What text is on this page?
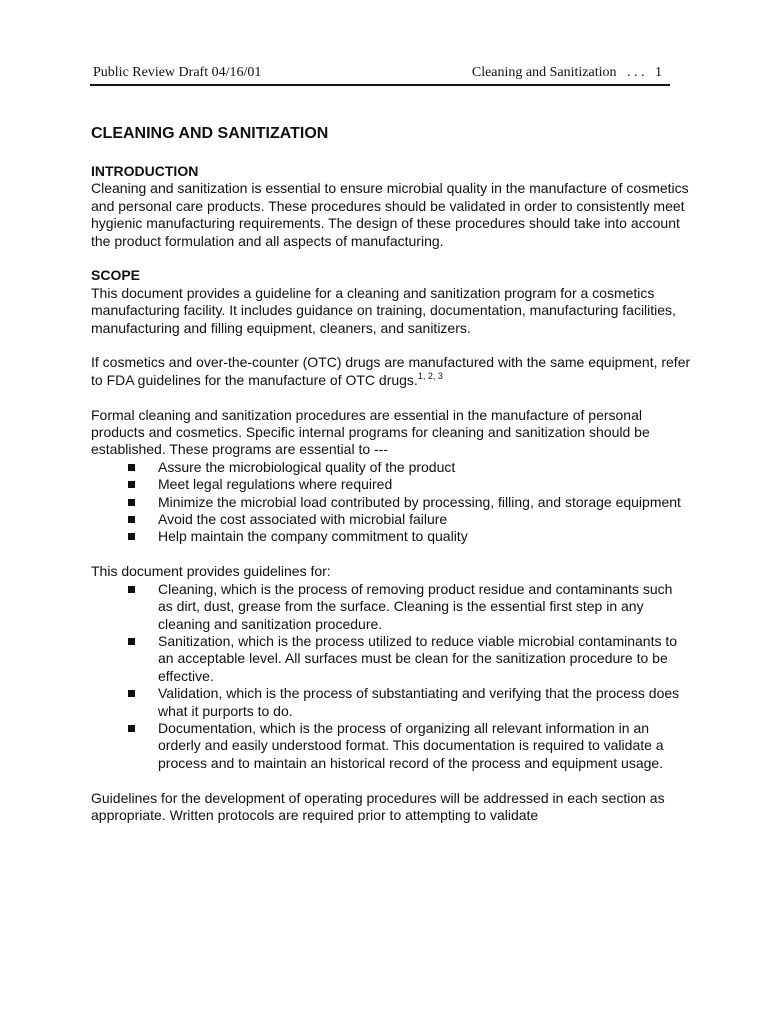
Public Review Draft 04/16/01	Cleaning and Sanitization   . . .   1
CLEANING AND SANITIZATION
INTRODUCTION

Cleaning and sanitization is essential to ensure microbial quality in the manufacture of cosmetics and personal care products. These procedures should be validated in order to consistently meet hygienic manufacturing requirements. The design of these procedures should take into account the product formulation and all aspects of manufacturing.

SCOPE

This document provides a guideline for a cleaning and sanitization program for a cosmetics manufacturing facility. It includes guidance on training, documentation, manufacturing facilities, manufacturing and filling equipment, cleaners, and sanitizers.

If cosmetics and over-the-counter (OTC) drugs are manufactured with the same equipment, refer to FDA guidelines for the manufacture of OTC drugs.$^{1, 2, 3}$

Formal cleaning and sanitization procedures are essential in the manufacture of personal products and cosmetics. Specific internal programs for cleaning and sanitization should be established. These programs are essential to ---

Assure the microbiological quality of the product
Meet legal regulations where required
Minimize the microbial load contributed by processing, filling, and storage equipment
Avoid the cost associated with microbial failure
Help maintain the company commitment to quality

This document provides guidelines for:

Cleaning, which is the process of removing product residue and contaminants such as dirt, dust, grease from the surface. Cleaning is the essential first step in any cleaning and sanitization procedure.
Sanitization, which is the process utilized to reduce viable microbial contaminants to an acceptable level. All surfaces must be clean for the sanitization procedure to be effective.
Validation, which is the process of substantiating and verifying that the process does what it purports to do.
Documentation, which is the process of organizing all relevant information in an orderly and easily understood format. This documentation is required to validate a process and to maintain an historical record of the process and equipment usage.

Guidelines for the development of operating procedures will be addressed in each section as appropriate. Written protocols are required prior to attempting to validate
